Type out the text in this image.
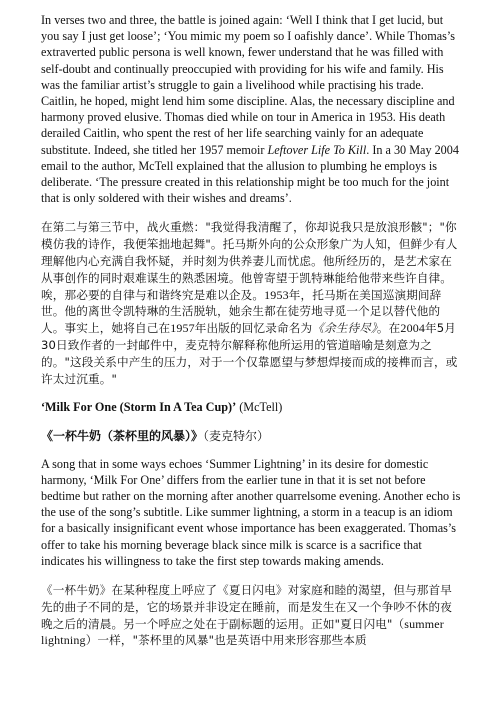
In verses two and three, the battle is joined again: ‘Well I think that I get lucid, but you say I just get loose’; ‘You mimic my poem so I oafishly dance’. While Thomas’s extraverted public persona is well known, fewer understand that he was filled with self-doubt and continually preoccupied with providing for his wife and family. His was the familiar artist’s struggle to gain a livelihood while practising his trade. Caitlin, he hoped, might lend him some discipline. Alas, the necessary discipline and harmony proved elusive. Thomas died while on tour in America in 1953. His death derailed Caitlin, who spent the rest of her life searching vainly for an adequate substitute. Indeed, she titled her 1957 memoir Leftover Life To Kill. In a 30 May 2004 email to the author, McTell explained that the allusion to plumbing he employs is deliberate. ‘The pressure created in this relationship might be too much for the joint that is only soldered with their wishes and dreams’.

在第二与第三节中，战火重燃："我觉得我清醒了，你却说我只是放浪形骸"；"你模仿我的诗作，我便笨拙地起舞"。托马斯外向的公众形象广为人知，但鲜少有人理解他内心充满自我怀疑，并时刻为供养妻儿而忧虑。他所经历的，是艺术家在从事创作的同时艰难谋生的熟悉困境。他曾寄望于凯特琳能给他带来些许自律。唉，那必要的自律与和谐终究是难以企及。1953年，托马斯在美国巡演期间辞世。他的离世令凯特琳的生活脱轨，她余生都在徒劳地寻觅一个足以替代他的人。事实上，她将自己在1957年出版的回忆录命名为《余生待尽》。在2004年5月30日致作者的一封邮件中，麦克特尔解释称他所运用的管道暗喻是刻意为之的。"这段关系中产生的压力，对于一个仅靠愿望与梦想焊接而成的接榫而言，或许太过沉重。"

‘Milk For One (Storm In A Tea Cup)’ (McTell)

《一杯牛奶（茶杯里的风暴）》（麦克特尔）

A song that in some ways echoes ‘Summer Lightning’ in its desire for domestic harmony, ‘Milk For One’ differs from the earlier tune in that it is set not before bedtime but rather on the morning after another quarrelsome evening. Another echo is the use of the song’s subtitle. Like summer lightning, a storm in a teacup is an idiom for a basically insignificant event whose importance has been exaggerated. Thomas’s offer to take his morning beverage black since milk is scarce is a sacrifice that indicates his willingness to take the first step towards making amends.

《一杯牛奶》在某种程度上呼应了《夏日闪电》对家庭和睦的渴望，但与那首早先的曲子不同的是，它的场景并非设定在睡前，而是发生在又一个争吵不休的夜晚之后的清晨。另一个呼应之处在于副标题的运用。正如"夏日闪电"（summer lightning）一样，"茶杯里的风暴"也是英语中用来形容那些本质
